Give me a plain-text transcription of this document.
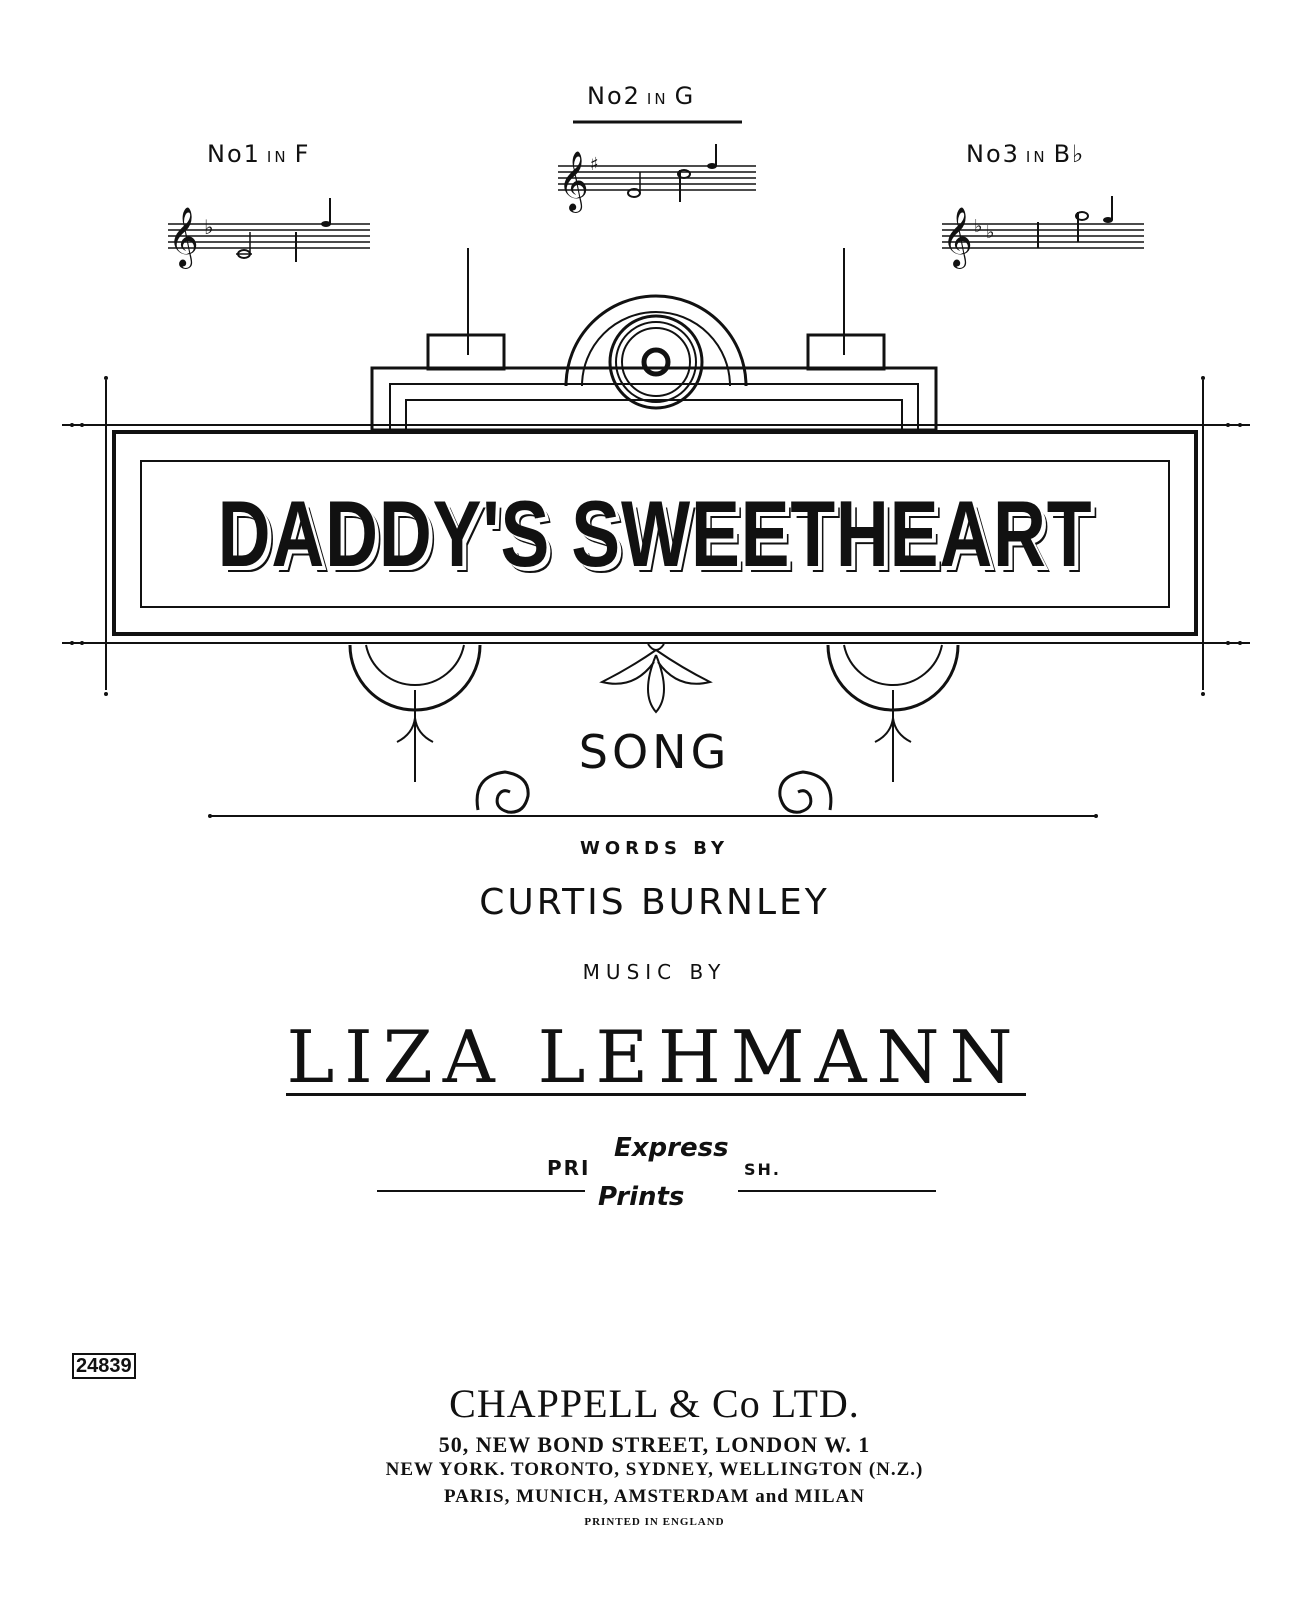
No1 IN F
No2 IN G
No3 IN B♭
𝄞 ♭
𝄞 ♯
𝄞 ♭ ♭
DADDY'S SWEETHEART
SONG
WORDS BY
CURTIS BURNLEY
MUSIC BY
LIZA LEHMANN
PRI	SH.
Express
Prints
24839
CHAPPELL & Co LTD.
50, NEW BOND STREET, LONDON W. 1
NEW YORK. TORONTO, SYDNEY, WELLINGTON (N.Z.)
PARIS, MUNICH, AMSTERDAM and MILAN
PRINTED IN ENGLAND
